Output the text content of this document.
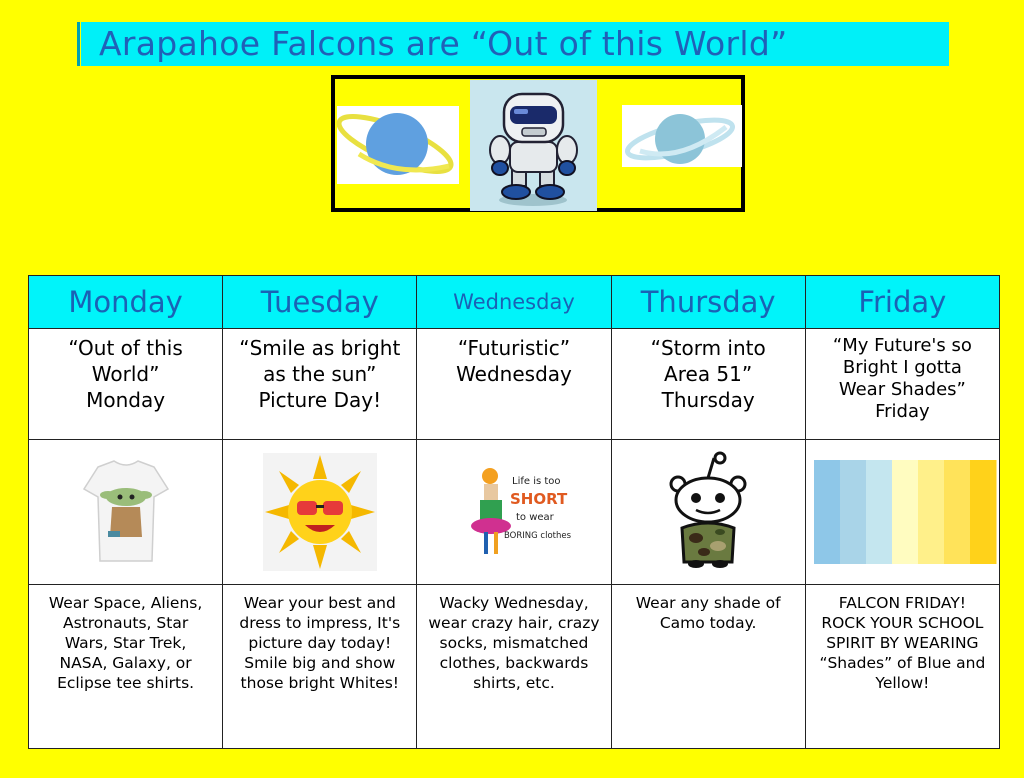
Arapahoe Falcons are “Out of this World”
Monday	Tuesday	Wednesday	Thursday	Friday
“Out of this World” Monday	“Smile as bright as the sun” Picture Day!	“Futuristic” Wednesday	“Storm into Area 51” Thursday	“My Future's so Bright I gotta Wear Shades” Friday

Life is too
SHORT
to wear
BORING clothes

Wear Space, Aliens, Astronauts, Star Wars, Star Trek, NASA, Galaxy, or Eclipse tee shirts.	Wear your best and dress to impress, It's picture day today! Smile big and show those bright Whites!	Wacky Wednesday, wear crazy hair, crazy socks, mismatched clothes, backwards shirts, etc.	Wear any shade of Camo today.	FALCON FRIDAY! ROCK YOUR SCHOOL SPIRIT BY WEARING “Shades” of Blue and Yellow!
